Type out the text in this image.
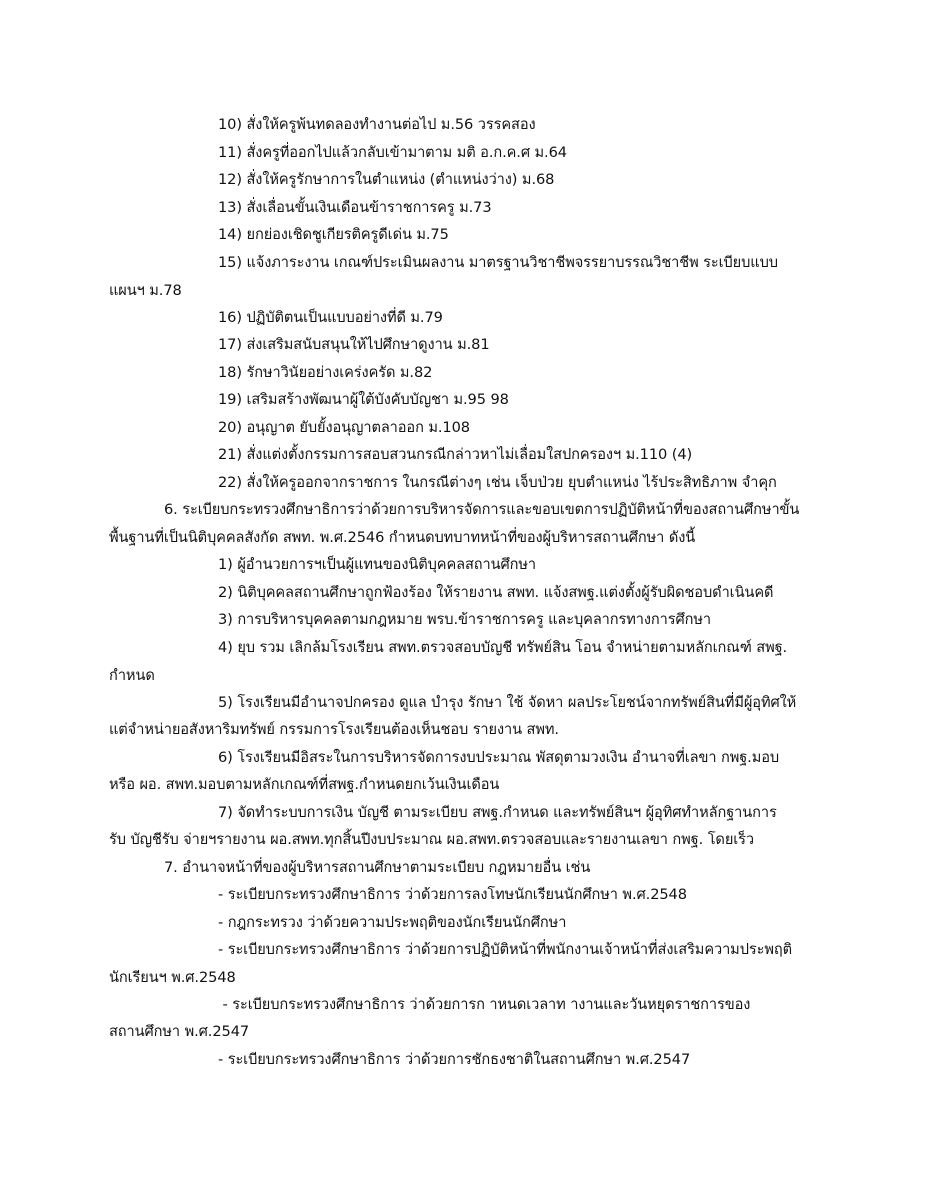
10) สั่งให้ครูพ้นทดลองทำงานต่อไป ม.56 วรรคสอง
11) สั่งครูที่ออกไปแล้วกลับเข้ามาตาม มติ อ.ก.ค.ศ ม.64
12) สั่งให้ครูรักษาการในตำแหน่ง (ตำแหน่งว่าง) ม.68
13) สั่งเลื่อนขั้นเงินเดือนข้าราชการครู ม.73
14) ยกย่องเชิดชูเกียรติครูดีเด่น ม.75
15) แจ้งภาระงาน เกณฑ์ประเมินผลงาน มาตรฐานวิชาชีพจรรยาบรรณวิชาชีพ ระเบียบแบบ
แผนฯ ม.78
16) ปฏิบัติตนเป็นแบบอย่างที่ดี ม.79
17) ส่งเสริมสนับสนุนให้ไปศึกษาดูงาน ม.81
18) รักษาวินัยอย่างเคร่งครัด ม.82
19) เสริมสร้างพัฒนาผู้ใต้บังคับบัญชา ม.95 98
20) อนุญาต ยับยั้งอนุญาตลาออก ม.108
21) สั่งแต่งตั้งกรรมการสอบสวนกรณีกล่าวหาไม่เลื่อมใสปกครองฯ ม.110 (4)
22) สั่งให้ครูออกจากราชการ ในกรณีต่างๆ เช่น เจ็บป่วย ยุบตำแหน่ง ไร้ประสิทธิภาพ จำคุก
6. ระเบียบกระทรวงศึกษาธิการว่าด้วยการบริหารจัดการและขอบเขตการปฏิบัติหน้าที่ของสถานศึกษาขั้น
พื้นฐานที่เป็นนิติบุคคลสังกัด สพท. พ.ศ.2546 กำหนดบทบาทหน้าที่ของผู้บริหารสถานศึกษา ดังนี้
1) ผู้อำนวยการฯเป็นผู้แทนของนิติบุคคลสถานศึกษา
2) นิติบุคคลสถานศึกษาถูกฟ้องร้อง ให้รายงาน สพท. แจ้งสพฐ.แต่งตั้งผู้รับผิดชอบดำเนินคดี
3) การบริหารบุคคลตามกฎหมาย พรบ.ข้าราชการครู และบุคลากรทางการศึกษา
4) ยุบ รวม เลิกล้มโรงเรียน สพท.ตรวจสอบบัญชี ทรัพย์สิน โอน จำหน่ายตามหลักเกณฑ์ สพฐ.
กำหนด
5) โรงเรียนมีอำนาจปกครอง ดูแล บำรุง รักษา ใช้ จัดหา ผลประโยชน์จากทรัพย์สินที่มีผู้อุทิศให้
แต่จำหน่ายอสังหาริมทรัพย์ กรรมการโรงเรียนต้องเห็นชอบ รายงาน สพท.
6) โรงเรียนมีอิสระในการบริหารจัดการงบประมาณ พัสดุตามวงเงิน อำนาจที่เลขา กพฐ.มอบ
หรือ ผอ. สพท.มอบตามหลักเกณฑ์ที่สพฐ.กำหนดยกเว้นเงินเดือน
7) จัดทำระบบการเงิน บัญชี ตามระเบียบ สพฐ.กำหนด และทรัพย์สินฯ ผู้อุทิศทำหลักฐานการ
รับ บัญชีรับ จ่ายฯรายงาน ผอ.สพท.ทุกสิ้นปีงบประมาณ ผอ.สพท.ตรวจสอบและรายงานเลขา กพฐ. โดยเร็ว
7. อำนาจหน้าที่ของผู้บริหารสถานศึกษาตามระเบียบ กฎหมายอื่น เช่น
- ระเบียบกระทรวงศึกษาธิการ ว่าด้วยการลงโทษนักเรียนนักศึกษา พ.ศ.2548
- กฎกระทรวง ว่าด้วยความประพฤติของนักเรียนนักศึกษา
- ระเบียบกระทรวงศึกษาธิการ ว่าด้วยการปฏิบัติหน้าที่พนักงานเจ้าหน้าที่ส่งเสริมความประพฤติ
นักเรียนฯ พ.ศ.2548
- ระเบียบกระทรวงศึกษาธิการ ว่าด้วยการก าหนดเวลาท างานและวันหยุดราชการของ
สถานศึกษา พ.ศ.2547
- ระเบียบกระทรวงศึกษาธิการ ว่าด้วยการชักธงชาติในสถานศึกษา พ.ศ.2547
